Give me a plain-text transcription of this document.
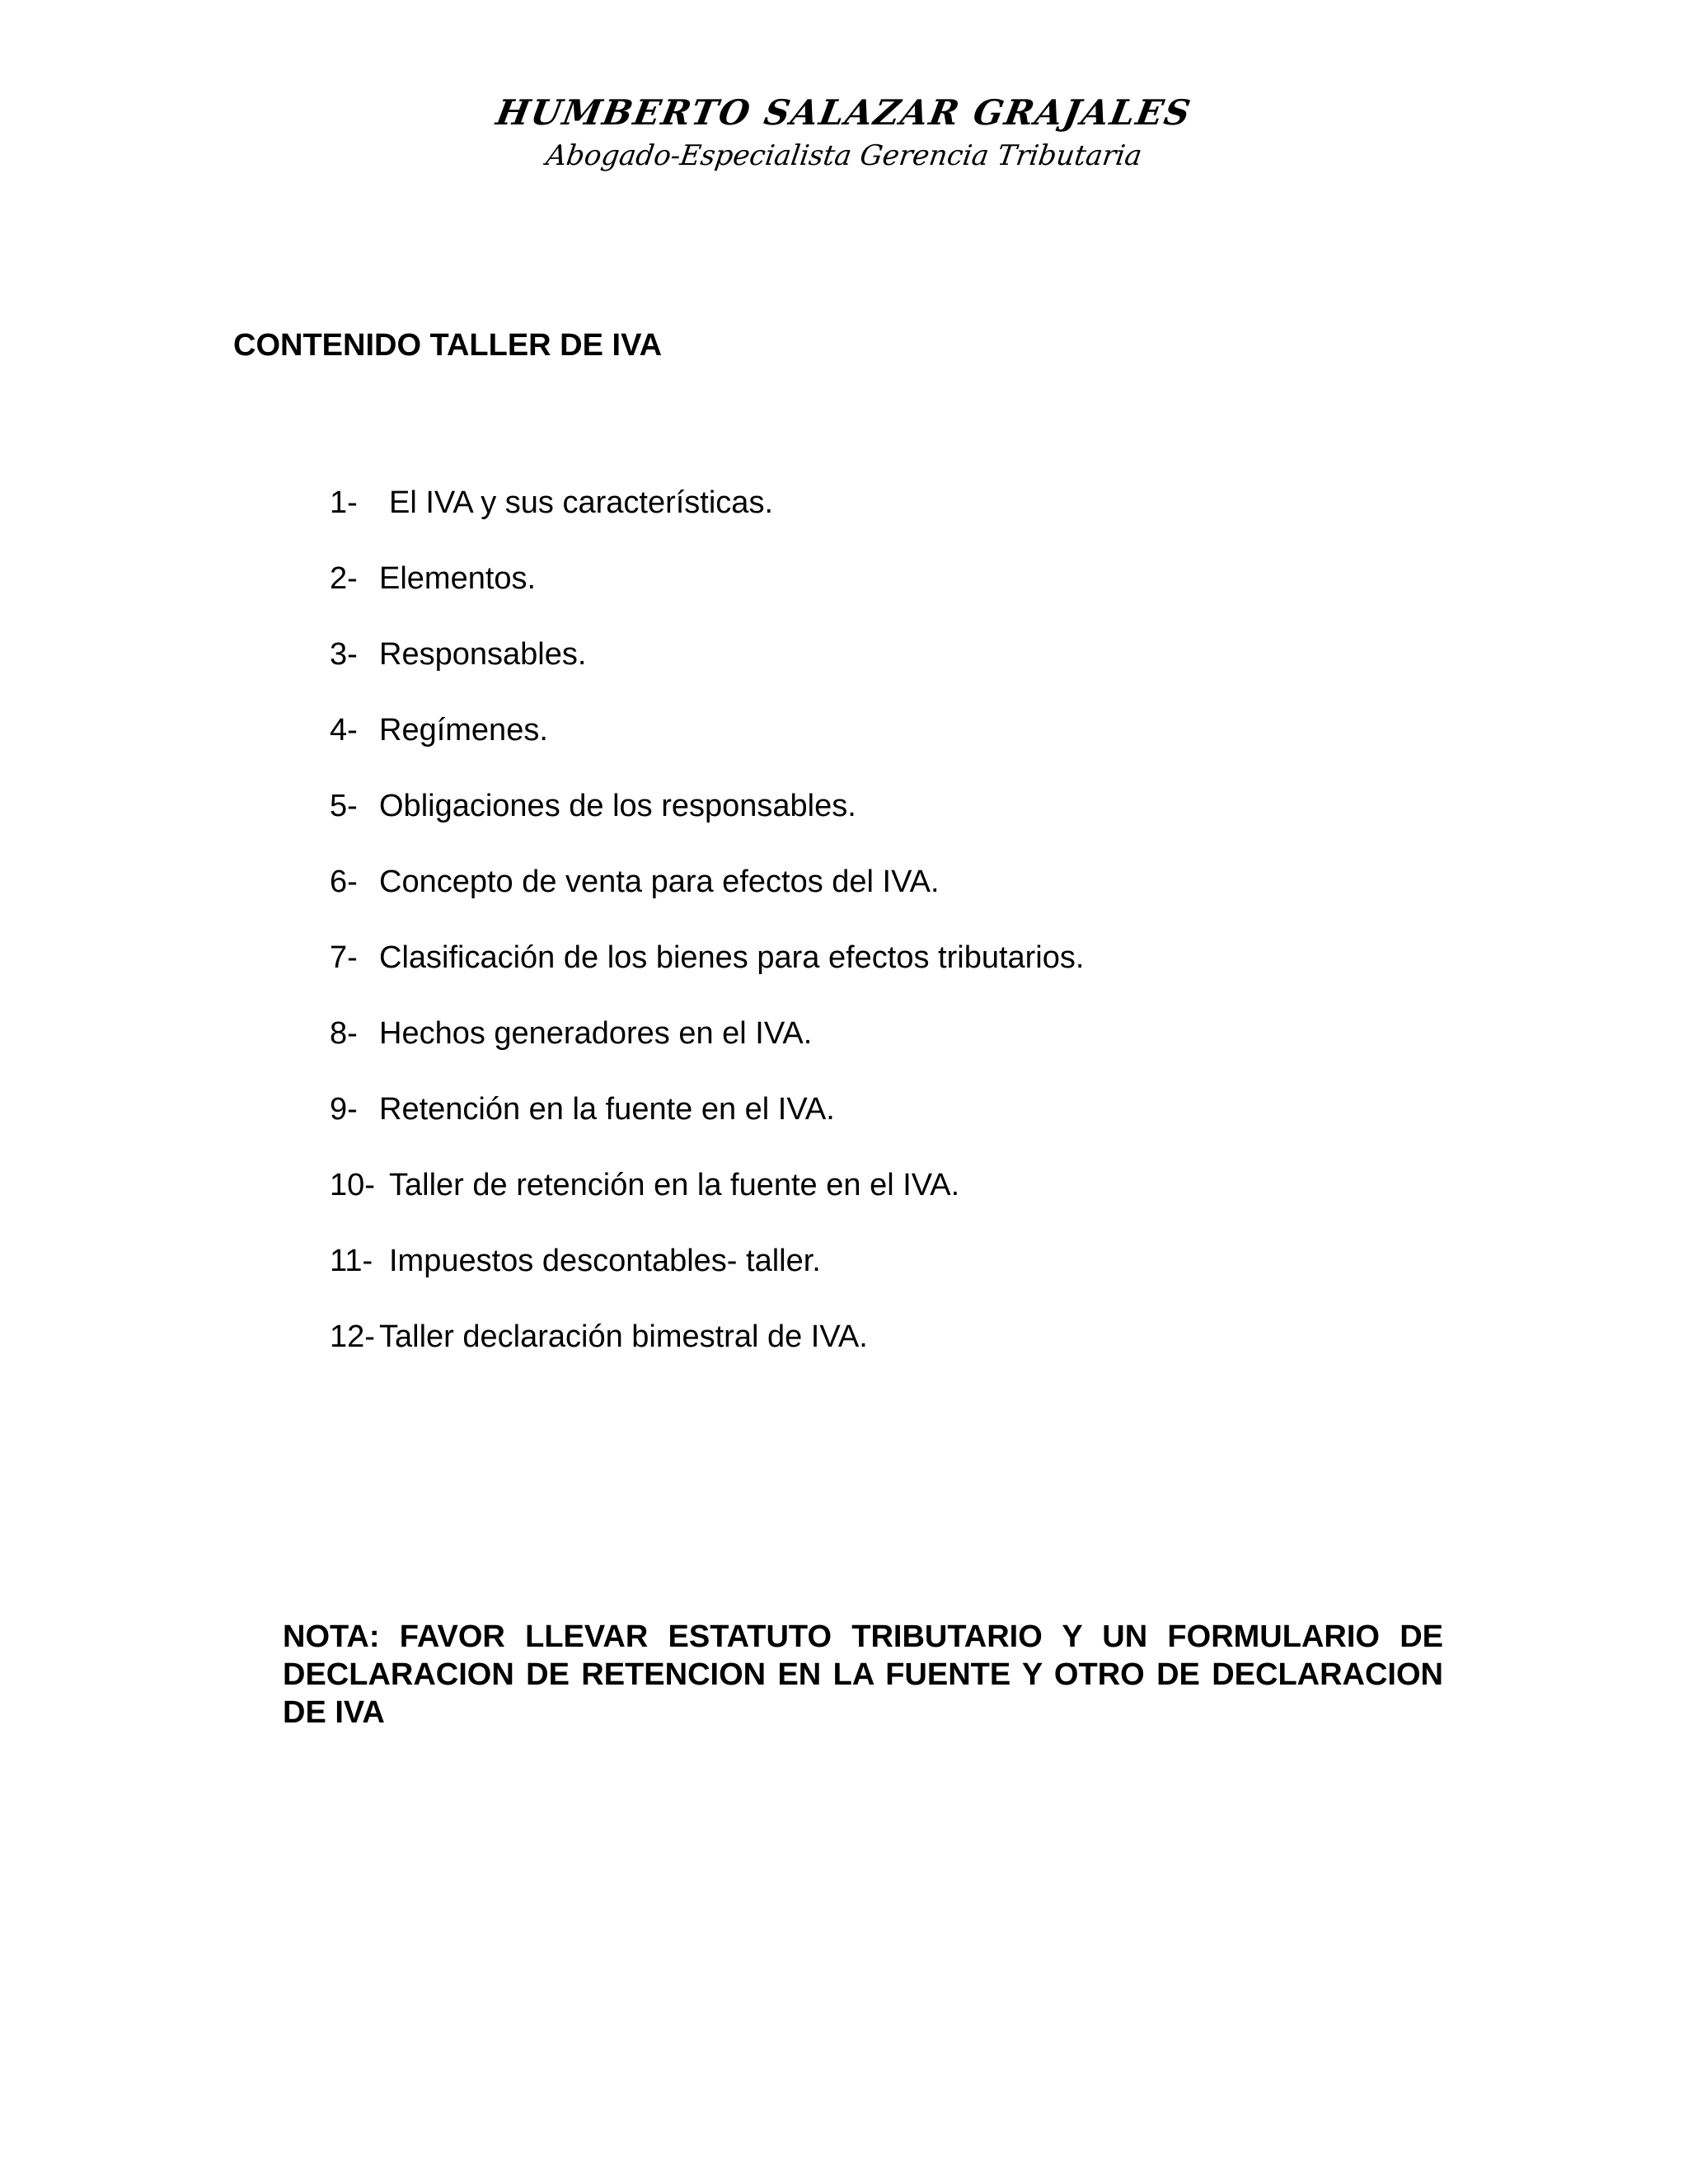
HUMBERTO SALAZAR GRAJALES
Abogado-Especialista Gerencia Tributaria
CONTENIDO TALLER DE IVA
1-	El IVA y sus características.
2- Elementos.
3- Responsables.
4- Regímenes.
5- Obligaciones de los responsables.
6- Concepto de venta para efectos del IVA.
7- Clasificación de los bienes para efectos tributarios.
8- Hechos generadores en el IVA.
9- Retención en la fuente en el IVA.
10- Taller de retención en la fuente en el IVA.
11- Impuestos descontables- taller.
12- Taller declaración bimestral de IVA.

NOTA: FAVOR LLEVAR ESTATUTO TRIBUTARIO Y UN FORMULARIO DE DECLARACION DE RETENCION EN LA FUENTE Y OTRO DE DECLARACION DE IVA
